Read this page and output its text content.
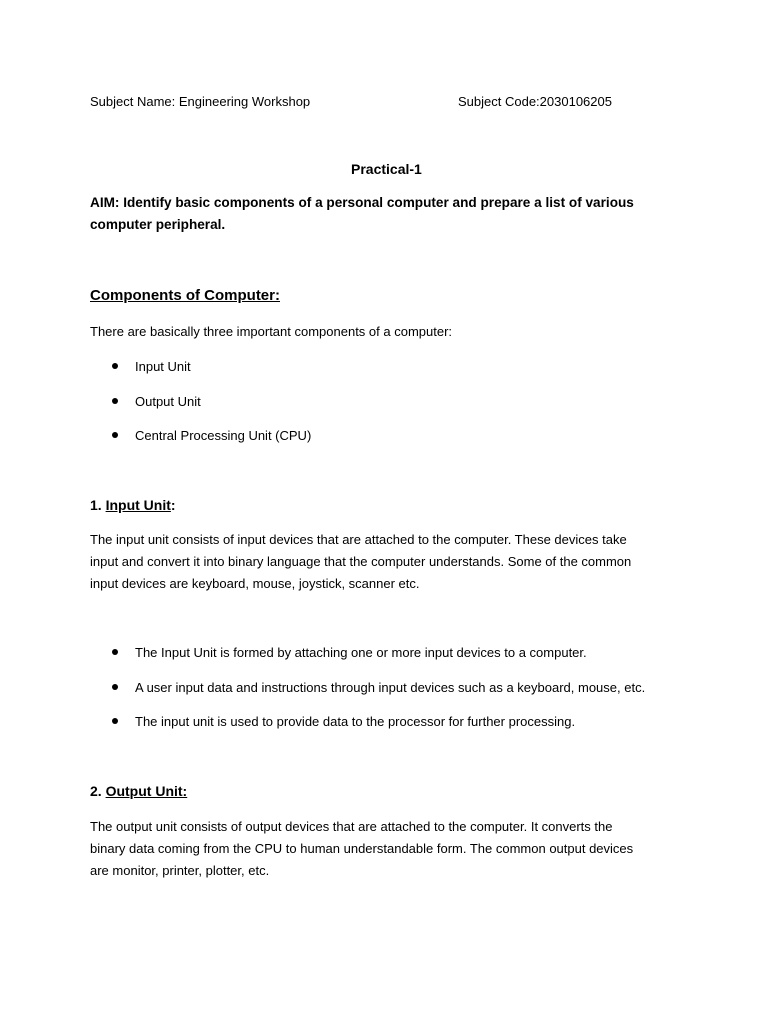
Subject Name: Engineering Workshop	Subject Code:2030106205
Practical-1
AIM: Identify basic components of a personal computer and prepare a list of various
computer peripheral.
Components of Computer:
There are basically three important components of a computer:
Input Unit
Output Unit
Central Processing Unit (CPU)
1. Input Unit:
The input unit consists of input devices that are attached to the computer. These devices take
input and convert it into binary language that the computer understands. Some of the common
input devices are keyboard, mouse, joystick, scanner etc.
The Input Unit is formed by attaching one or more input devices to a computer.
A user input data and instructions through input devices such as a keyboard, mouse, etc.
The input unit is used to provide data to the processor for further processing.
2. Output Unit:
The output unit consists of output devices that are attached to the computer. It converts the
binary data coming from the CPU to human understandable form. The common output devices
are monitor, printer, plotter, etc.
